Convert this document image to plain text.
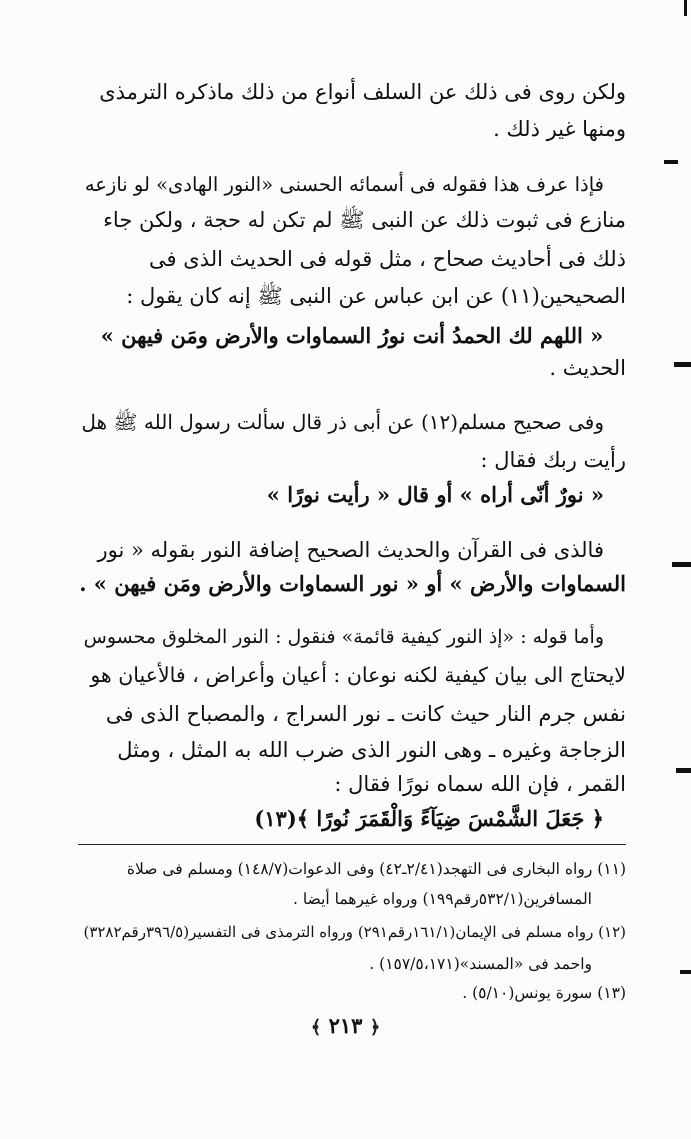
ولكن روى فى ذلك عن السلف أنواع من ذلك ماذكره الترمذى
ومنها غير ذلك .
فإذا عرف هذا فقوله فى أسمائه الحسنى «النور الهادى» لو نازعه
منازع فى ثبوت ذلك عن النبى ﷺ لم تكن له حجة ، ولكن جاء
ذلك فى أحاديث صحاح ، مثل قوله فى الحديث الذى فى
الصحيحين(١١) عن ابن عباس عن النبى ﷺ إنه كان يقول :
« اللهم لك الحمدُ أنت نورُ السماوات والأرض ومَن فيهن »
الحديث .
وفى صحيح مسلم(١٢) عن أبى ذر قال سألت رسول الله ﷺ هل
رأيت ربك فقال :
« نورٌ أنّى أراه » أو قال « رأيت نورًا »
فالذى فى القرآن والحديث الصحيح إضافة النور بقوله « نور
السماوات والأرض » أو « نور السماوات والأرض ومَن فيهن » .
وأما قوله : «إذ النور كيفية قائمة» فنقول : النور المخلوق محسوس
لايحتاج الى بيان كيفية لكنه نوعان : أعيان وأعراض ، فالأعيان هو
نفس جرم النار حيث كانت ـ نور السراج ، والمصباح الذى فى
الزجاجة وغيره ـ وهى النور الذى ضرب الله به المثل ، ومثل
القمر ، فإن الله سماه نورًا فقال :
﴿ جَعَلَ الشَّمْسَ ضِيَآءً وَالْقَمَرَ نُورًا ﴾(١٣)
(١١) رواه البخارى فى التهجد(٢/٤١ـ٤٢) وفى الدعوات(١٤٨/٧) ومسلم فى صلاة
المسافرين(٥٣٢/١رقم١٩٩) ورواه غيرهما أيضا .
(١٢) رواه مسلم فى الإيمان(١٦١/١رقم٢٩١) ورواه الترمذى فى التفسير(٣٩٦/٥رقم٣٢٨٢)
واحمد فى «المسند»(١٥٧/٥،١٧١) .
(١٣) سورة يونس(٥/١٠) .
﴿ ٢١٣ ﴾
